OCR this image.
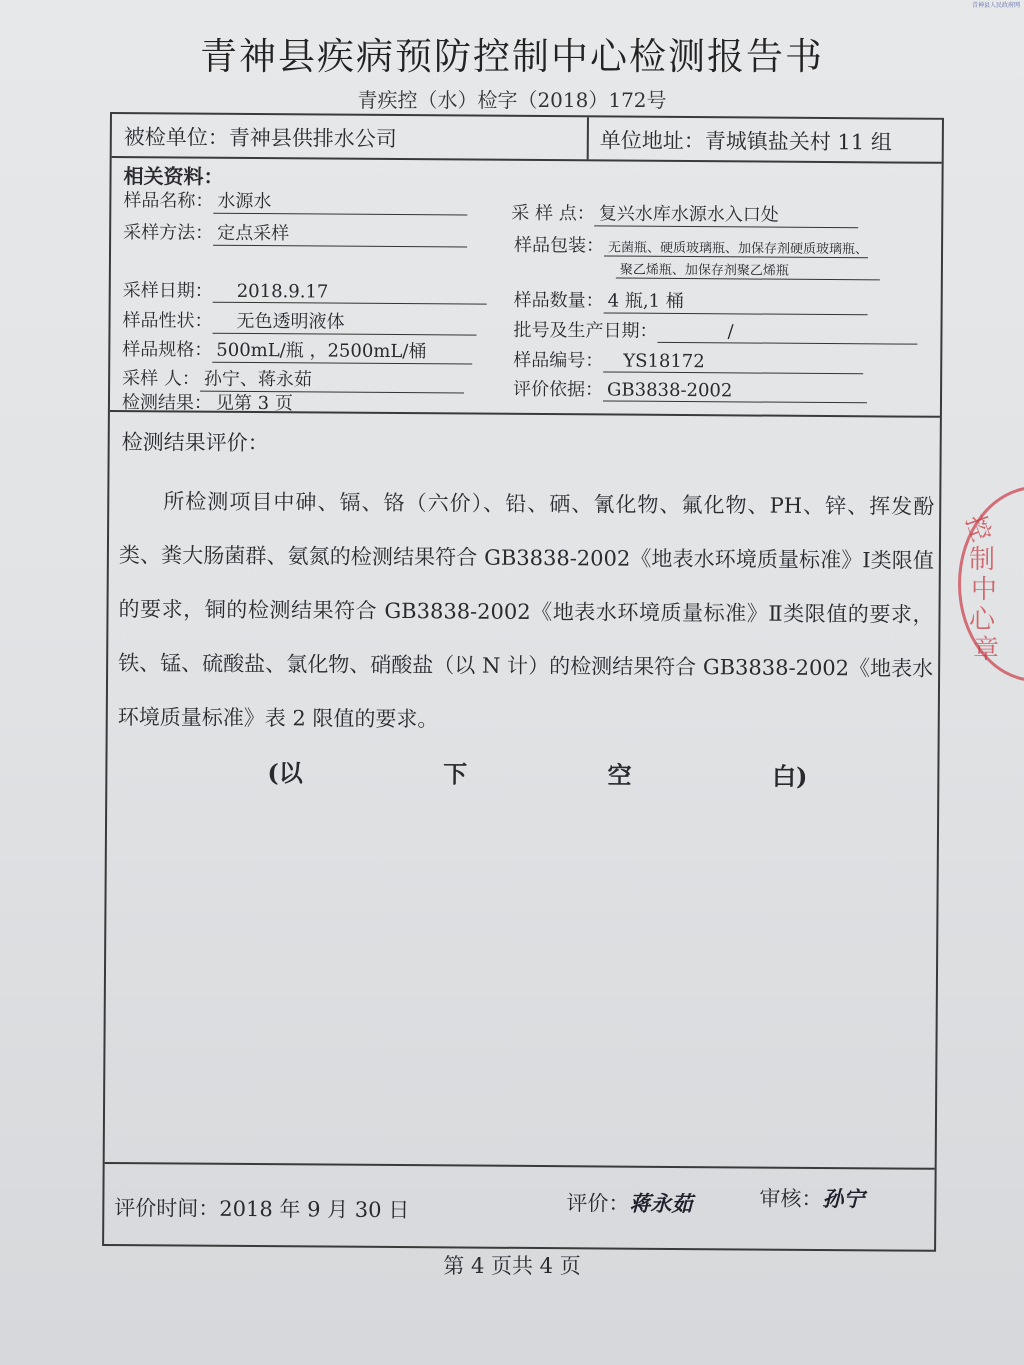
青神县人民政府网
青神县疾病预防控制中心检测报告书
青疾控（水）检字（2018）172号
被检单位：青神县供排水公司	单位地址：青城镇盐关村 11 组
相关资料：
样品名称： 水源水
采 样 点： 复兴水库水源水入口处
采样方法： 定点采样
样品包装： 无菌瓶、硬质玻璃瓶、加保存剂硬质玻璃瓶、
聚乙烯瓶、加保存剂聚乙烯瓶
采样日期： 2018.9.17	样品数量： 4 瓶,1 桶
样品性状： 无色透明液体	批号及生产日期：	/
样品规格： 500mL/瓶 ，2500mL/桶	样品编号： YS18172
采样 人： 孙宁、蒋永茹	评价依据： GB3838-2002
检测结果： 见第 3 页
检测结果评价：
所检测项目中砷、镉、铬（六价）、铅、硒、氰化物、氟化物、PH、锌、挥发酚类、粪大肠菌群、氨氮的检测结果符合 GB3838-2002《地表水环境质量标准》Ⅰ类限值的要求，铜的检测结果符合 GB3838-2002《地表水环境质量标准》Ⅱ类限值的要求，铁、锰、硫酸盐、氯化物、硝酸盐（以 N 计）的检测结果符合 GB3838-2002《地表水环境质量标准》表 2 限值的要求。
(以	下	空	白)
评价时间：2018 年 9 月 30 日	评价：蒋永茹	审核：孙宁
控
制
中
心
章
第 4 页共 4 页
